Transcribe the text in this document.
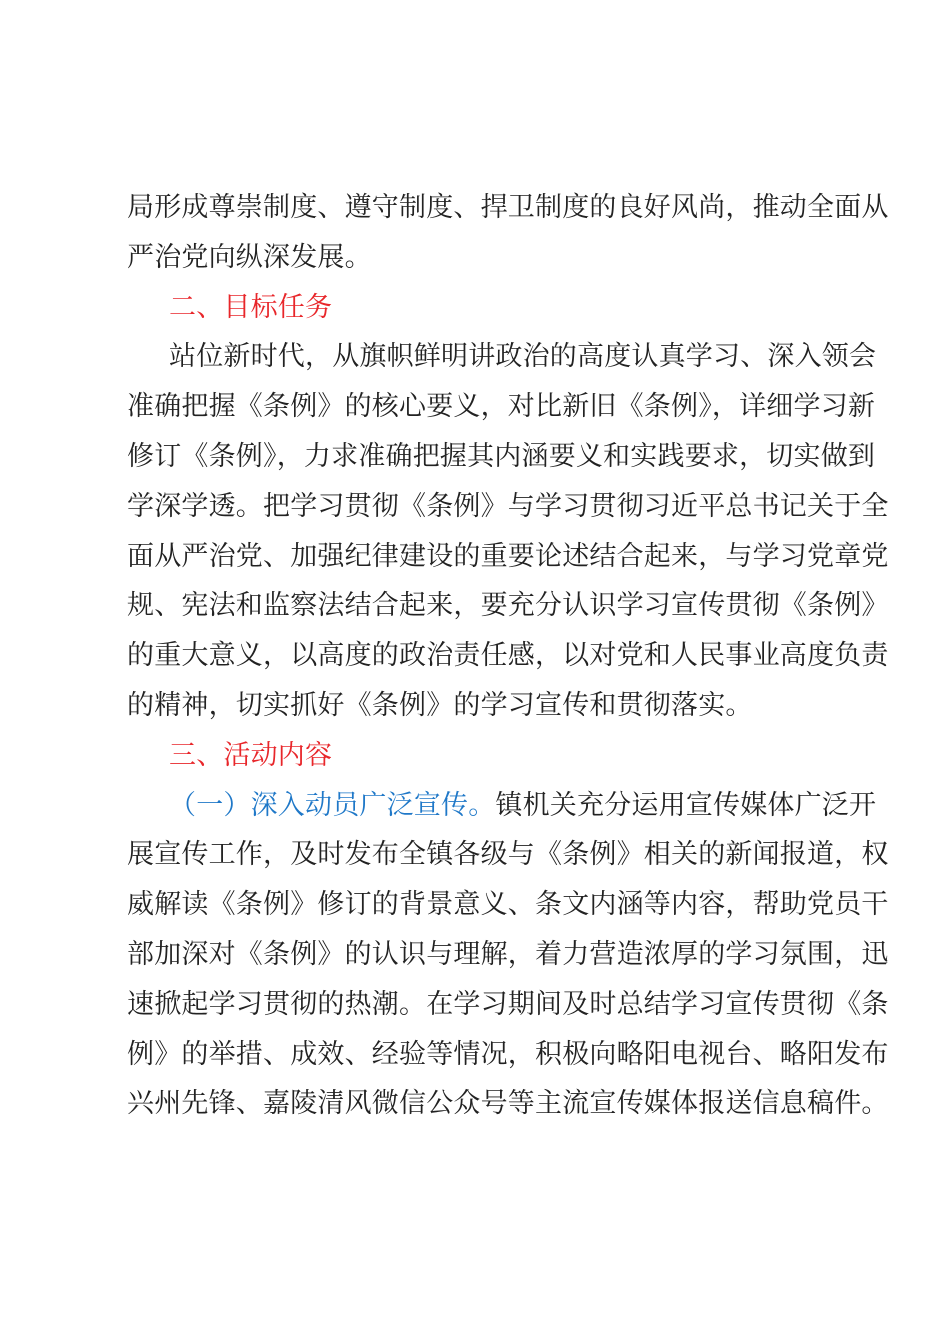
局形成尊崇制度、遵守制度、捍卫制度的良好风尚，推动全面从
严治党向纵深发展。
二、目标任务
站位新时代，从旗帜鲜明讲政治的高度认真学习、深入领会
准确把握《条例》的核心要义，对比新旧《条例》，详细学习新
修订《条例》，力求准确把握其内涵要义和实践要求，切实做到
学深学透。把学习贯彻《条例》与学习贯彻习近平总书记关于全
面从严治党、加强纪律建设的重要论述结合起来，与学习党章党
规、宪法和监察法结合起来，要充分认识学习宣传贯彻《条例》
的重大意义，以高度的政治责任感，以对党和人民事业高度负责
的精神，切实抓好《条例》的学习宣传和贯彻落实。
三、活动内容
（一）深入动员广泛宣传。 镇机关充分运用宣传媒体广泛开
展宣传工作，及时发布全镇各级与《条例》相关的新闻报道，权
威解读《条例》修订的背景意义、条文内涵等内容，帮助党员干
部加深对《条例》的认识与理解，着力营造浓厚的学习氛围，迅
速掀起学习贯彻的热潮。在学习期间及时总结学习宣传贯彻《条
例》的举措、成效、经验等情况，积极向略阳电视台、略阳发布
兴州先锋、嘉陵清风微信公众号等主流宣传媒体报送信息稿件。
